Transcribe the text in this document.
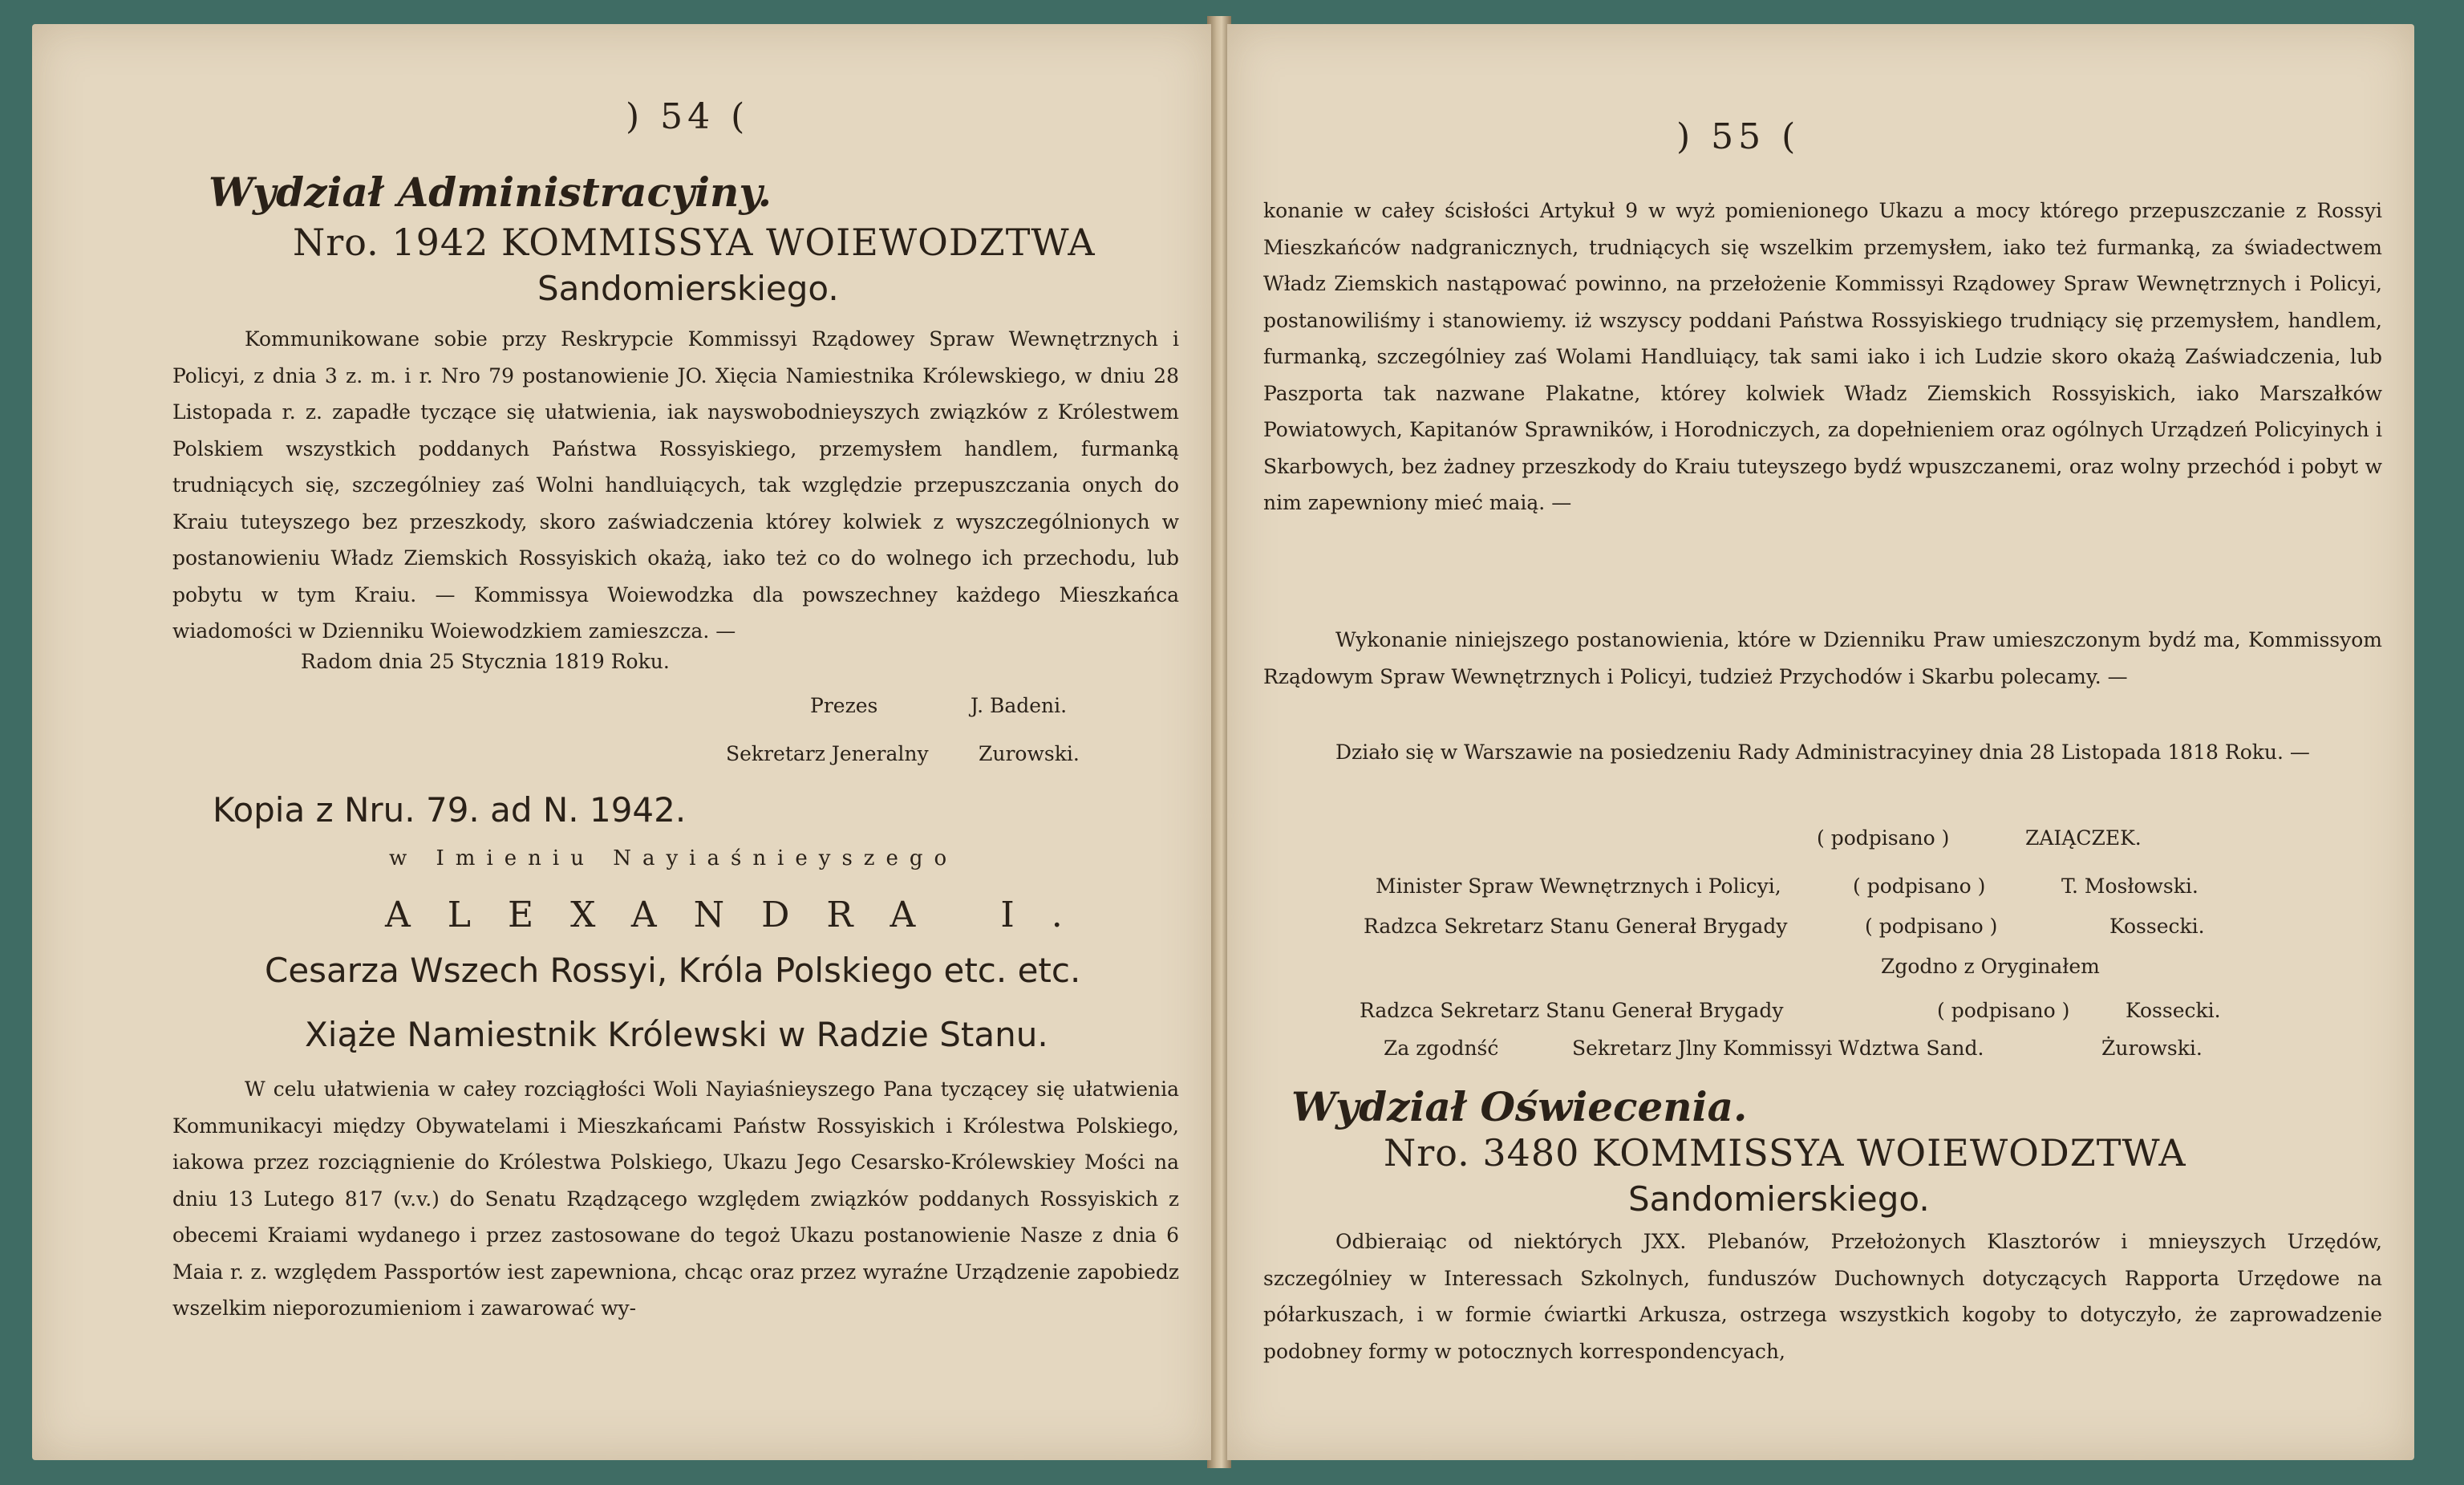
) 54 (
Wydział Administracyiny.
Nro. 1942 KOMMISSYA WOIEWODZTWA
Sandomierskiego.

Kommunikowane sobie przy Reskrypcie Kommissyi Rządowey Spraw Wewnętrznych i Policyi, z dnia 3 z. m. i r. Nro 79 postanowienie JO. Xięcia Namiestnika Królewskiego, w dniu 28 Listopada r. z. zapadłe tyczące się ułatwienia, iak nayswobodnieyszych związków z Królestwem Polskiem wszystkich poddanych Państwa Rossyiskiego, przemysłem handlem, furmanką trudniących się, szczególniey zaś Wolni handluiących, tak względzie przepuszczania onych do Kraiu tuteyszego bez przeszkody, skoro zaświadczenia którey kolwiek z wyszczególnionych w postanowieniu Władz Ziemskich Rossyiskich okażą, iako też co do wolnego ich przechodu, lub pobytu w tym Kraiu. — Kommissya Woiewodzka dla powszechney każdego Mieszkańca wiadomości w Dzienniku Woiewodzkiem zamieszcza. —

Radom dnia 25 Stycznia 1819 Roku.
Prezes	J. Badeni.
Sekretarz Jeneralny Zurowski.
Kopia z Nru. 79. ad N. 1942.
w Imieniu Nayiaśnieyszego
ALEXANDRA I.
Cesarza Wszech Rossyi, Króla Polskiego etc. etc.
Xiąże Namiestnik Królewski w Radzie Stanu.

W celu ułatwienia w całey rozciągłości Woli Nayiaśnieyszego Pana tyczącey się ułatwienia Kommunikacyi między Obywatelami i Mieszkańcami Państw Rossyiskich i Królestwa Polskiego, iakowa przez rozciągnienie do Królestwa Polskiego, Ukazu Jego Cesarsko-Królewskiey Mości na dniu 13 Lutego 817 (v.v.) do Senatu Rządzącego względem związków poddanych Rossyiskich z obecemi Kraiami wydanego i przez zastosowane do tegoż Ukazu postanowienie Nasze z dnia 6 Maia r. z. względem Passportów iest zapewniona, chcąc oraz przez wyraźne Urządzenie zapobiedz wszelkim nieporozumieniom i zawarować wy-

) 55 (

konanie w całey ścisłości Artykuł 9 w wyż pomienionego Ukazu a mocy którego przepuszczanie z Rossyi Mieszkańców nadgranicznych, trudniących się wszelkim przemysłem, iako też furmanką, za świadectwem Władz Ziemskich nastąpować powinno, na przełożenie Kommissyi Rządowey Spraw Wewnętrznych i Policyi, postanowiliśmy i stanowiemy. iż wszyscy poddani Państwa Rossyiskiego trudniący się przemysłem, handlem, furmanką, szczególniey zaś Wolami Handluiący, tak sami iako i ich Ludzie skoro okażą Zaświadczenia, lub Paszporta tak nazwane Plakatne, którey kolwiek Władz Ziemskich Rossyiskich, iako Marszałków Powiatowych, Kapitanów Sprawników, i Horodniczych, za dopełnieniem oraz ogólnych Urządzeń Policyinych i Skarbowych, bez żadney przeszkody do Kraiu tuteyszego bydź wpuszczanemi, oraz wolny przechód i pobyt w nim zapewniony mieć maią. —

Wykonanie niniejszego postanowienia, które w Dzienniku Praw umieszczonym bydź ma, Kommissyom Rządowym Spraw Wewnętrznych i Policyi, tudzież Przychodów i Skarbu polecamy. —

Działo się w Warszawie na posiedzeniu Rady Administracyiney dnia 28 Listopada 1818 Roku. —

( podpisano )	ZAIĄCZEK.
Minister Spraw Wewnętrznych i Policyi,	( podpisano )	T. Mosłowski.
Radzca Sekretarz Stanu Generał Brygady	( podpisano )	Kossecki.
Zgodno z Oryginałem
Radzca Sekretarz Stanu Generał Brygady	( podpisano )	Kossecki.
Za zgodnść	Sekretarz Jlny Kommissyi Wdztwa Sand.	Żurowski.
Wydział Oświecenia.
Nro. 3480 KOMMISSYA WOIEWODZTWA
Sandomierskiego.

Odbieraiąc od niektórych JXX. Plebanów, Przełożonych Klasztorów i mnieyszych Urzędów, szczególniey w Interessach Szkolnych, funduszów Duchownych dotyczących Rapporta Urzędowe na półarkuszach, i w formie ćwiartki Arkusza, ostrzega wszystkich kogoby to dotyczyło, że zaprowadzenie podobney formy w potocznych korrespondencyach,
